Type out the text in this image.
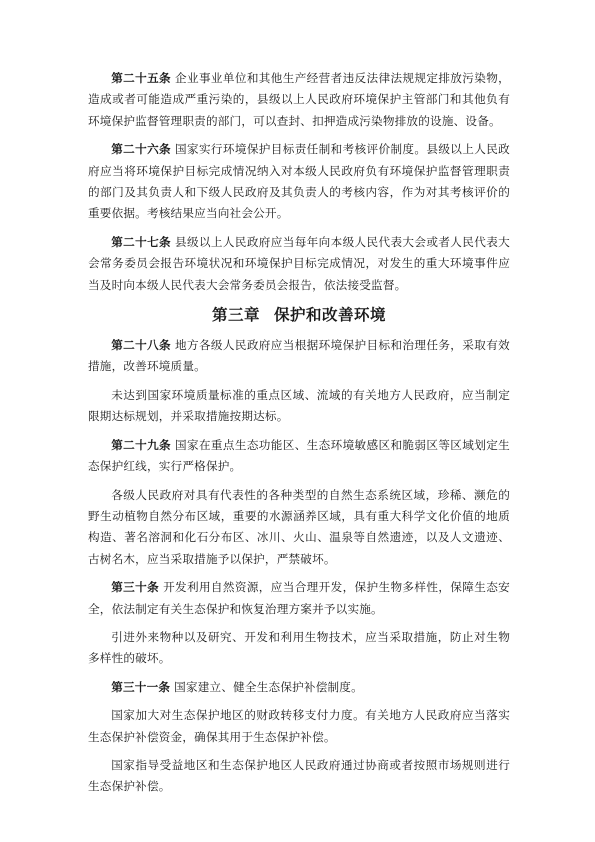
第二十五条 企业事业单位和其他生产经营者违反法律法规规定排放污染物，造成或者可能造成严重污染的，县级以上人民政府环境保护主管部门和其他负有环境保护监督管理职责的部门，可以查封、扣押造成污染物排放的设施、设备。

第二十六条 国家实行环境保护目标责任制和考核评价制度。县级以上人民政府应当将环境保护目标完成情况纳入对本级人民政府负有环境保护监督管理职责的部门及其负责人和下级人民政府及其负责人的考核内容，作为对其考核评价的重要依据。考核结果应当向社会公开。

第二十七条 县级以上人民政府应当每年向本级人民代表大会或者人民代表大会常务委员会报告环境状况和环境保护目标完成情况，对发生的重大环境事件应当及时向本级人民代表大会常务委员会报告，依法接受监督。

第三章 保护和改善环境

第二十八条 地方各级人民政府应当根据环境保护目标和治理任务，采取有效措施，改善环境质量。

未达到国家环境质量标准的重点区域、流域的有关地方人民政府，应当制定限期达标规划，并采取措施按期达标。

第二十九条 国家在重点生态功能区、生态环境敏感区和脆弱区等区域划定生态保护红线，实行严格保护。

各级人民政府对具有代表性的各种类型的自然生态系统区域，珍稀、濒危的野生动植物自然分布区域，重要的水源涵养区域，具有重大科学文化价值的地质构造、著名溶洞和化石分布区、冰川、火山、温泉等自然遗迹，以及人文遗迹、古树名木，应当采取措施予以保护，严禁破坏。

第三十条 开发利用自然资源，应当合理开发，保护生物多样性，保障生态安全，依法制定有关生态保护和恢复治理方案并予以实施。

引进外来物种以及研究、开发和利用生物技术，应当采取措施，防止对生物多样性的破坏。

第三十一条 国家建立、健全生态保护补偿制度。

国家加大对生态保护地区的财政转移支付力度。有关地方人民政府应当落实生态保护补偿资金，确保其用于生态保护补偿。

国家指导受益地区和生态保护地区人民政府通过协商或者按照市场规则进行生态保护补偿。
